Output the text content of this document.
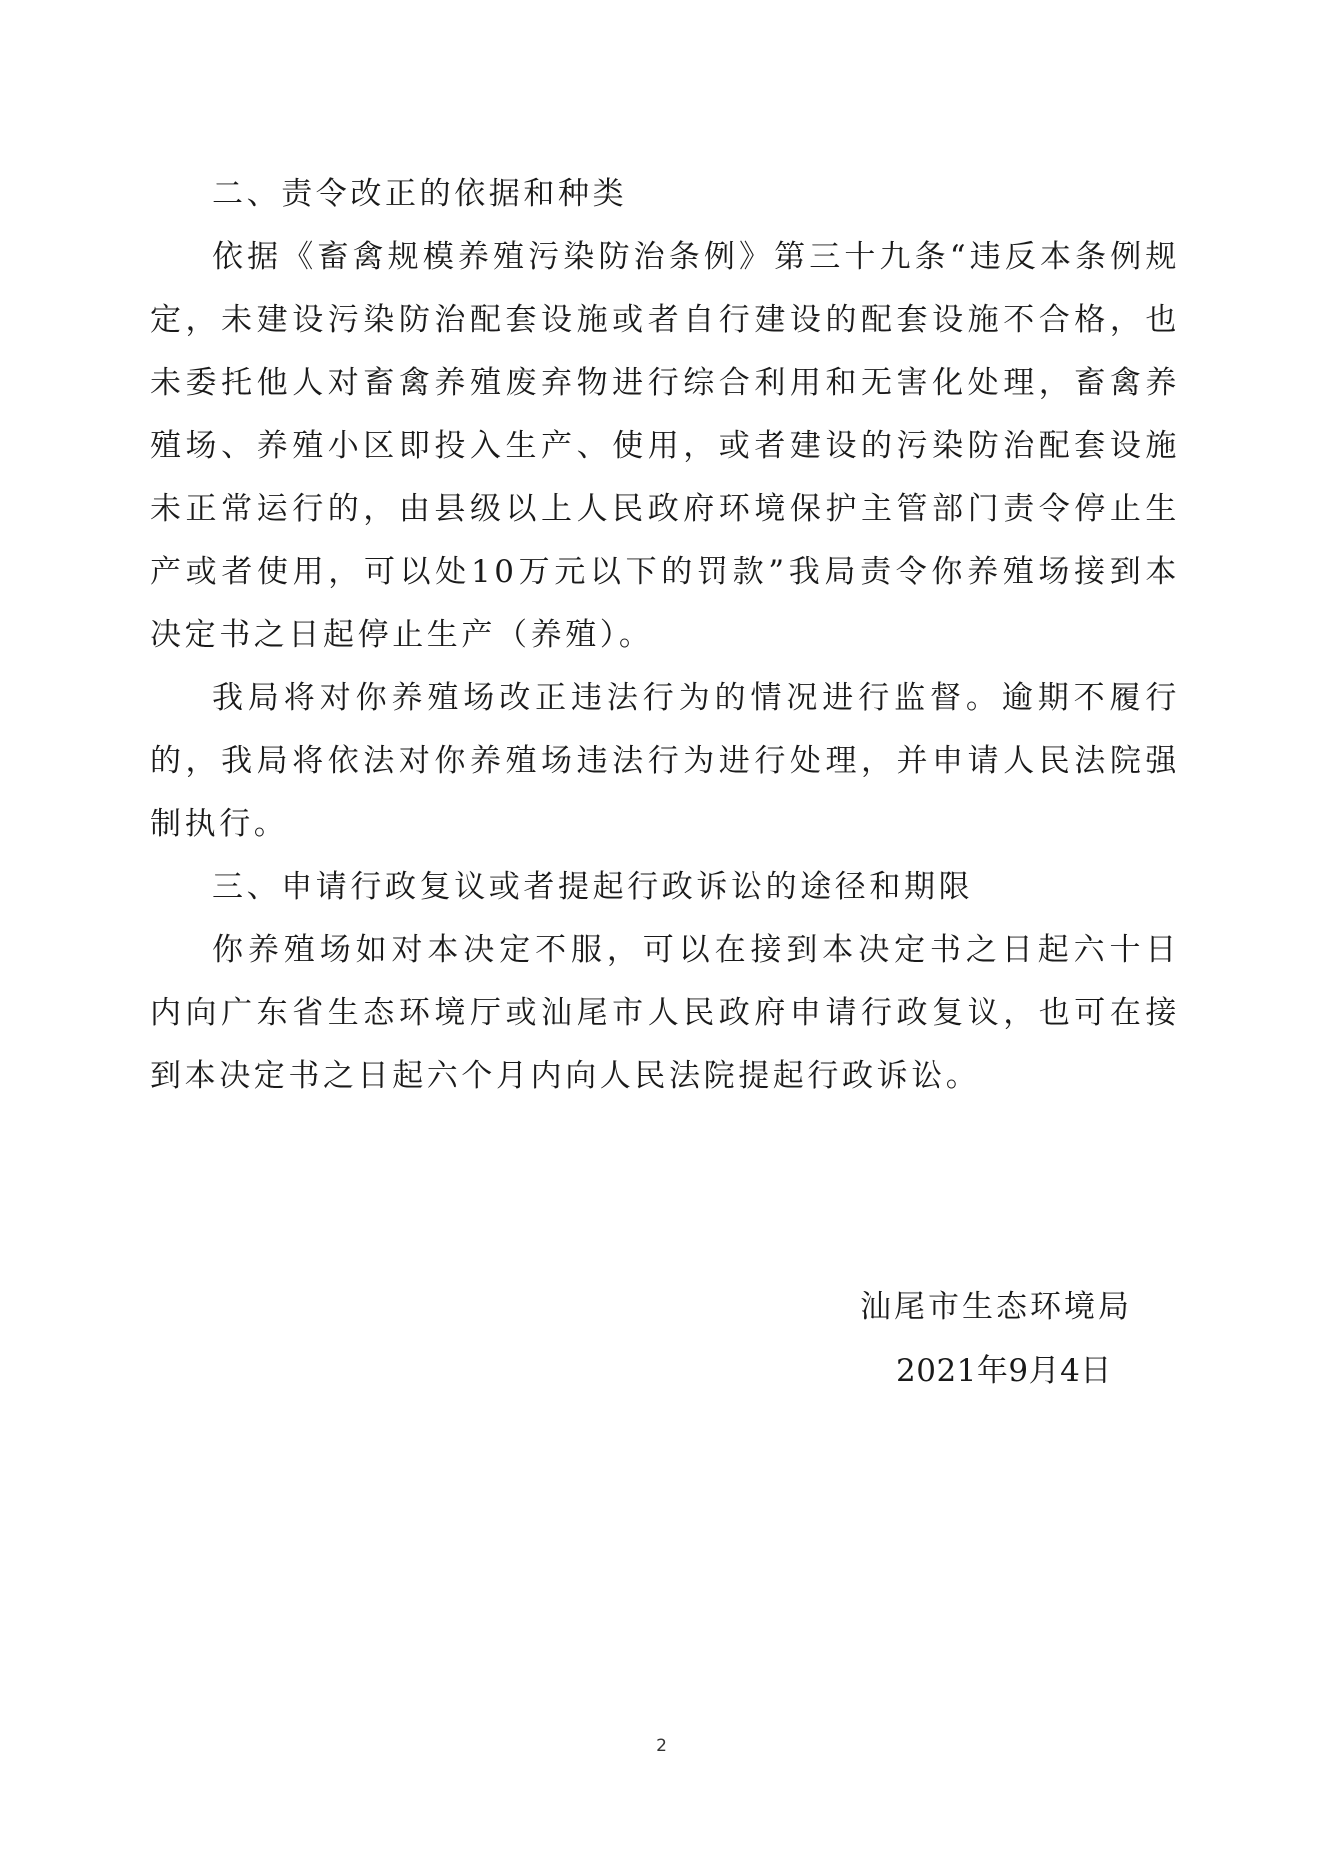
二、责令改正的依据和种类

依据《畜禽规模养殖污染防治条例》第三十九条“违反本条例规定，未建设污染防治配套设施或者自行建设的配套设施不合格，也未委托他人对畜禽养殖废弃物进行综合利用和无害化处理，畜禽养殖场、养殖小区即投入生产、使用，或者建设的污染防治配套设施未正常运行的，由县级以上人民政府环境保护主管部门责令停止生产或者使用，可以处10万元以下的罚款”我局责令你养殖场接到本决定书之日起停止生产（养殖）。

我局将对你养殖场改正违法行为的情况进行监督。逾期不履行的，我局将依法对你养殖场违法行为进行处理，并申请人民法院强制执行。

三、申请行政复议或者提起行政诉讼的途径和期限

你养殖场如对本决定不服，可以在接到本决定书之日起六十日内向广东省生态环境厅或汕尾市人民政府申请行政复议，也可在接到本决定书之日起六个月内向人民法院提起行政诉讼。

汕尾市生态环境局
2021年9月4日
2
